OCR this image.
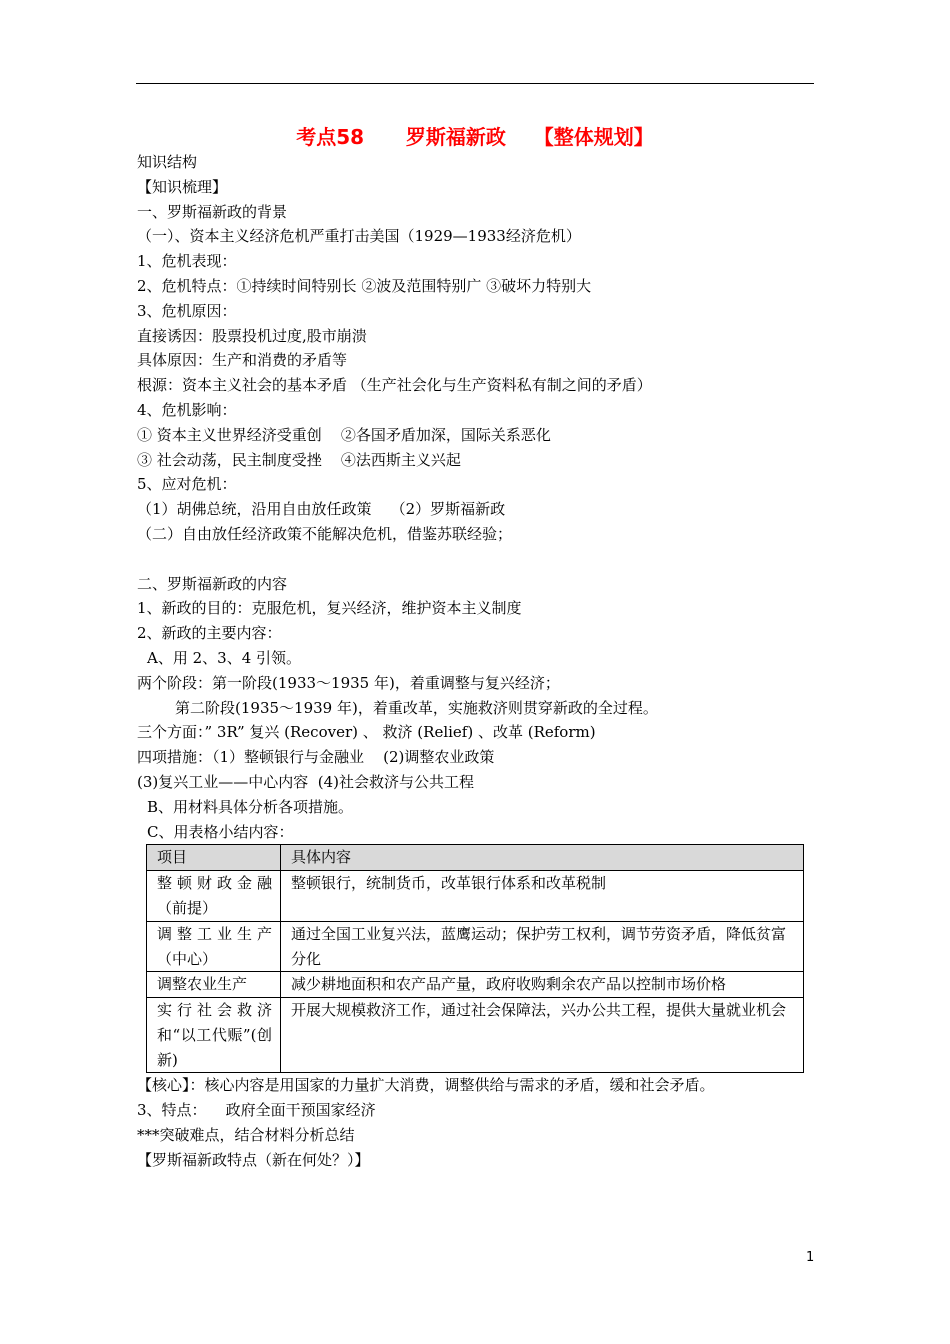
考点58      罗斯福新政    【整体规划】
知识结构
【知识梳理】
一、罗斯福新政的背景
（一）、资本主义经济危机严重打击美国（1929—1933经济危机）
1、危机表现：
2、危机特点：①持续时间特别长 ②波及范围特别广 ③破坏力特别大
3、危机原因：
直接诱因：股票投机过度,股市崩溃
具体原因：生产和消费的矛盾等
根源：资本主义社会的基本矛盾 （生产社会化与生产资料私有制之间的矛盾）
4、危机影响：
① 资本主义世界经济受重创    ②各国矛盾加深，国际关系恶化
③ 社会动荡，民主制度受挫    ④法西斯主义兴起
5、应对危机：
（1）胡佛总统，沿用自由放任政策    （2）罗斯福新政
（二）自由放任经济政策不能解决危机，借鉴苏联经验；
二、罗斯福新政的内容
1、新政的目的：克服危机，复兴经济，维护资本主义制度
2、新政的主要内容：
A、用 2、3、4 引领。
两个阶段：第一阶段(1933～1935 年)，着重调整与复兴经济；
第二阶段(1935～1939 年)，着重改革，实施救济则贯穿新政的全过程。
三个方面：” 3R” 复兴 (Recover) 、 救济 (Relief) 、改革 (Reform)
四项措施：（1）整顿银行与金融业    (2)调整农业政策
(3)复兴工业——中心内容  (4)社会救济与公共工程
B、用材料具体分析各项措施。
C、用表格小结内容：
项目	具体内容
整顿财政金融（前提）	整顿银行，统制货币，改革银行体系和改革税制
调整工业生产（中心）	通过全国工业复兴法，蓝鹰运动；保护劳工权利，调节劳资矛盾，降低贫富分化
调整农业生产	减少耕地面积和农产品产量，政府收购剩余农产品以控制市场价格
实行社会救济和“以工代赈”(创新)	开展大规模救济工作，通过社会保障法，兴办公共工程，提供大量就业机会
【核心】：核心内容是用国家的力量扩大消费，调整供给与需求的矛盾，缓和社会矛盾。
3、特点：    政府全面干预国家经济
***突破难点，结合材料分析总结
【罗斯福新政特点（新在何处？）】
1
